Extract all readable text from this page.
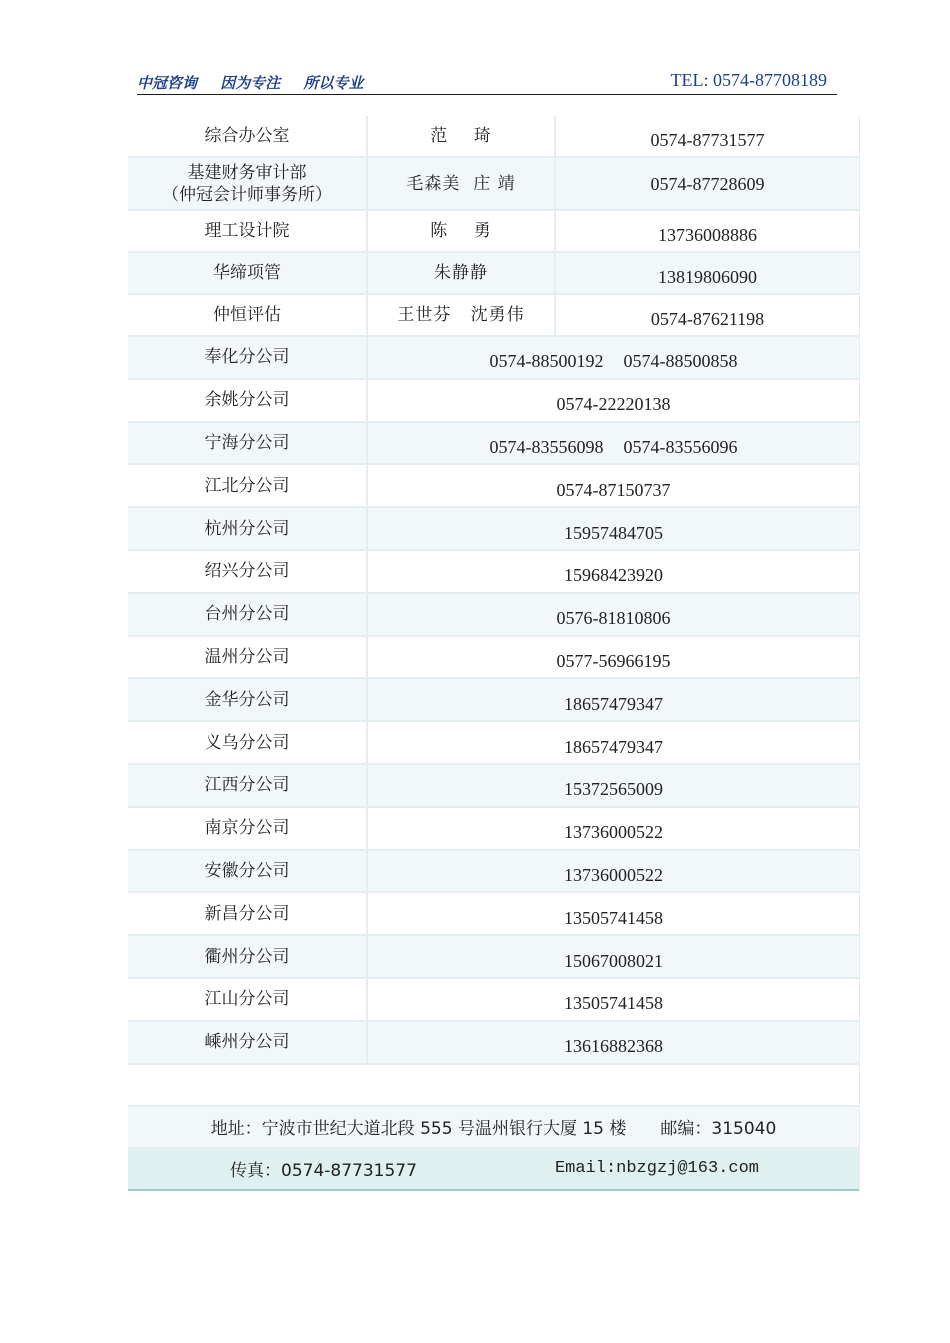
中冠咨询 因为专注 所以专业	TEL: 0574-87708189
综合办公室	范    琦	0574-87731577
基建财务审计部
（仲冠会计师事务所）
毛森美  庄 靖	0574-87728609
理工设计院	陈    勇	13736008886
华缔项管	朱静静	13819806090
仲恒评估	王世芬   沈勇伟	0574-87621198
奉化分公司	0574-88500192 0574-88500858
余姚分公司	0574-22220138
宁海分公司	0574-83556098 0574-83556096
江北分公司	0574-87150737
杭州分公司	15957484705
绍兴分公司	15968423920
台州分公司	0576-81810806
温州分公司	0577-56966195
金华分公司	18657479347
义乌分公司	18657479347
江西分公司	15372565009
南京分公司	13736000522
安徽分公司	13736000522
新昌分公司	13505741458
衢州分公司	15067008021
江山分公司	13505741458
嵊州分公司	13616882368
地址：宁波市世纪大道北段 555 号温州银行大厦 15 楼 邮编：315040
传真：0574-87731577	Email:nbzgzj@163.com
